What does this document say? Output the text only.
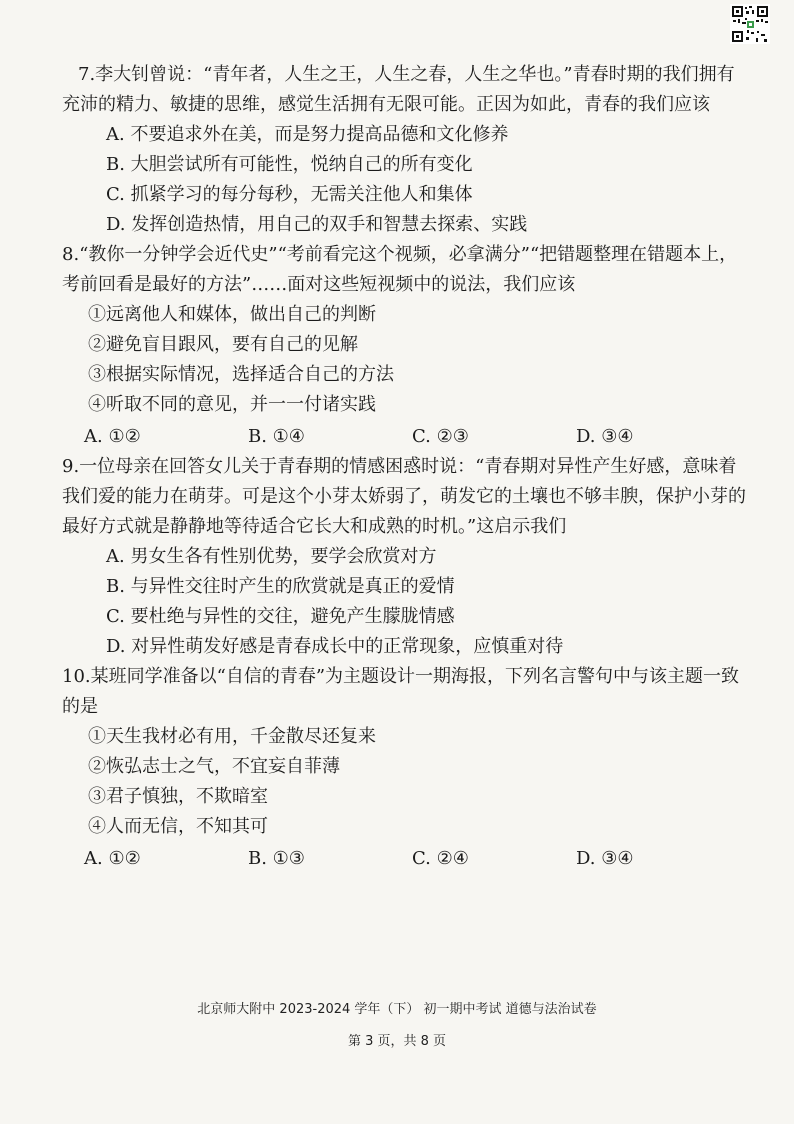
7.李大钊曾说：“青年者，人生之王，人生之春，人生之华也。”青春时期的我们拥有充沛的精力、敏捷的思维，感觉生活拥有无限可能。正因为如此，青春的我们应该

A. 不要追求外在美，而是努力提高品德和文化修养
B. 大胆尝试所有可能性，悦纳自己的所有变化
C. 抓紧学习的每分每秒，无需关注他人和集体
D. 发挥创造热情，用自己的双手和智慧去探索、实践

8.“教你一分钟学会近代史”“考前看完这个视频，必拿满分”“把错题整理在错题本上，考前回看是最好的方法”……面对这些短视频中的说法，我们应该

①远离他人和媒体，做出自己的判断
②避免盲目跟风，要有自己的见解
③根据实际情况，选择适合自己的方法
④听取不同的意见，并一一付诸实践
A. ①②	B. ①④	C. ②③	D. ③④

9.一位母亲在回答女儿关于青春期的情感困惑时说：“青春期对异性产生好感，意味着我们爱的能力在萌芽。可是这个小芽太娇弱了，萌发它的土壤也不够丰腴，保护小芽的最好方式就是静静地等待适合它长大和成熟的时机。”这启示我们

A. 男女生各有性别优势，要学会欣赏对方
B. 与异性交往时产生的欣赏就是真正的爱情
C. 要杜绝与异性的交往，避免产生朦胧情感
D. 对异性萌发好感是青春成长中的正常现象，应慎重对待

10.某班同学准备以“自信的青春”为主题设计一期海报，下列名言警句中与该主题一致的是

①天生我材必有用，千金散尽还复来
②恢弘志士之气，不宜妄自菲薄
③君子慎独，不欺暗室
④人而无信，不知其可
A. ①②	B. ①③	C. ②④	D. ③④
北京师大附中 2023-2024 学年（下） 初一期中考试 道德与法治试卷
第 3 页，共 8 页
